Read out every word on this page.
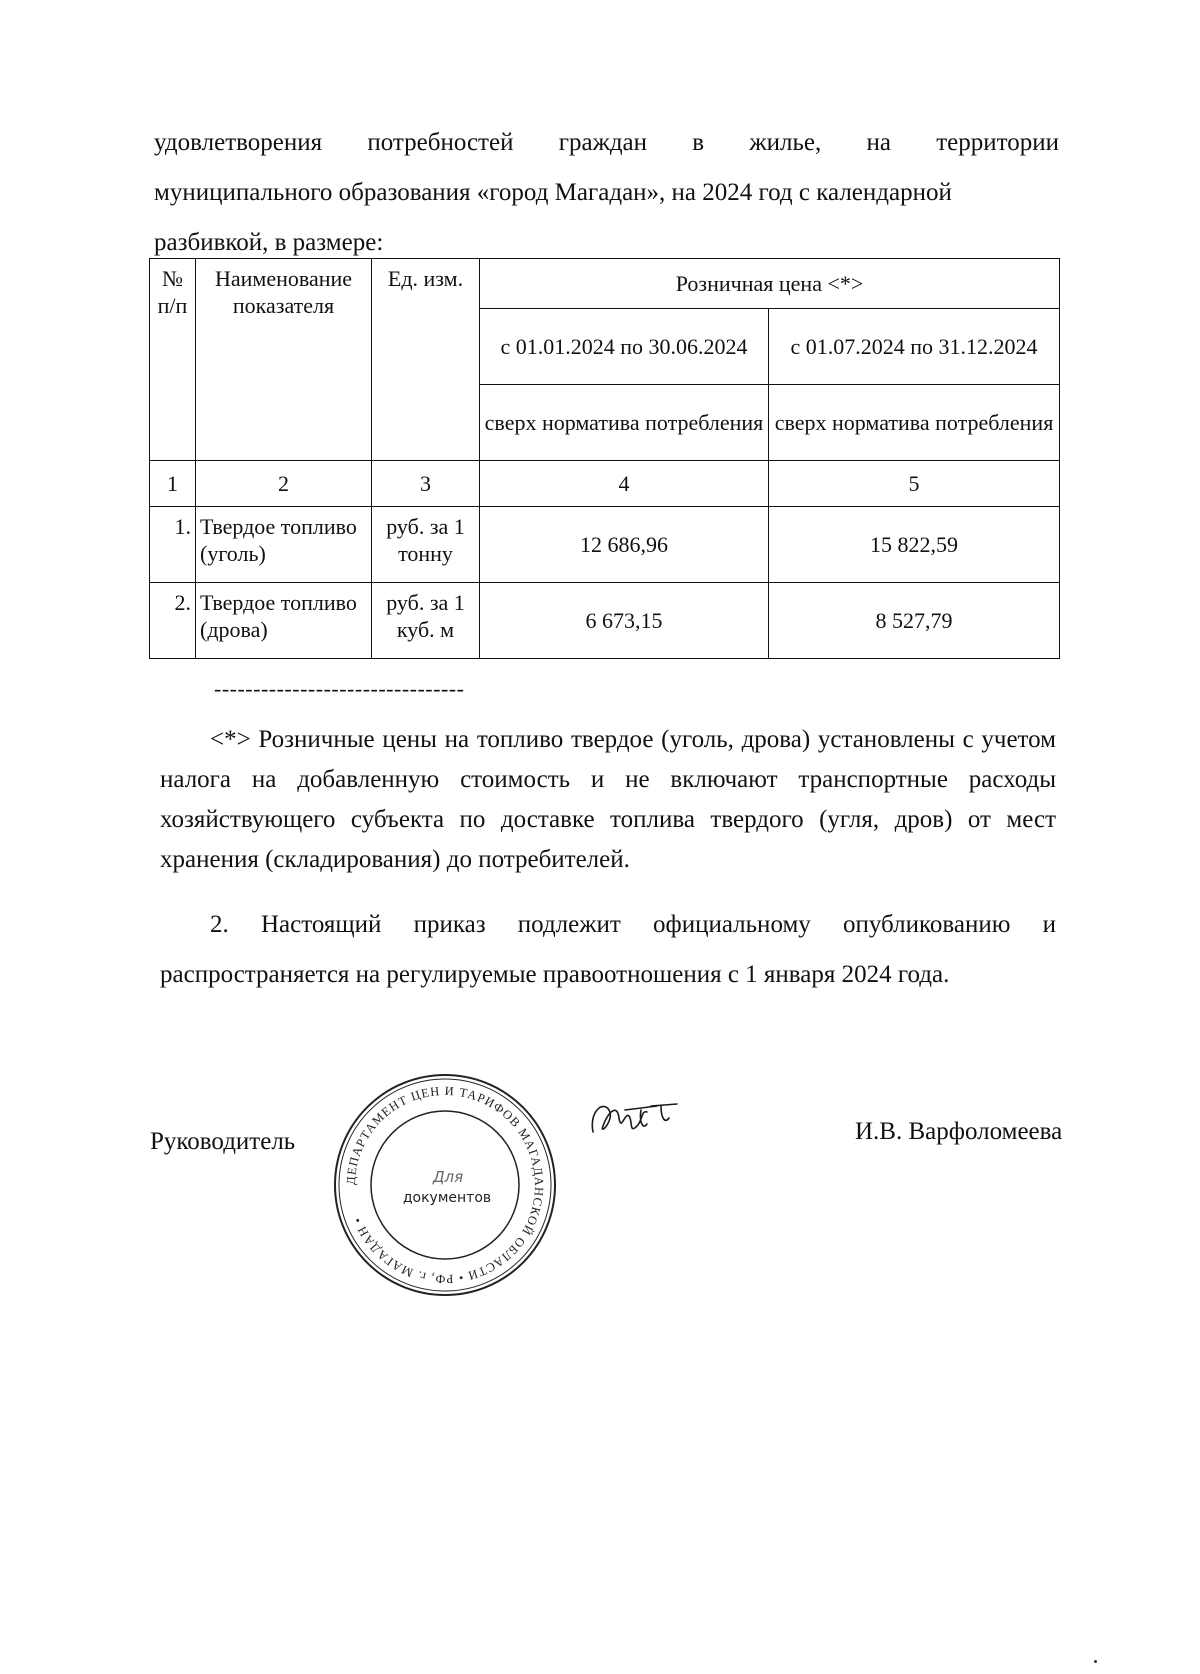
удовлетворения потребностей граждан в жилье, на территории
муниципального образования «город Магадан», на 2024 год с календарной
разбивкой, в размере:
№ п/п	Наименование показателя	Ед. изм.	Розничная цена <*>	
			с 01.01.2024 по 30.06.2024	с 01.07.2024 по 31.12.2024
			сверх норматива потребления	сверх норматива потребления
1	2	3	4	5
1.	Твердое топливо (уголь)	руб. за 1 тонну	12 686,96	15 822,59
2.	Твердое топливо (дрова)	руб. за 1 куб. м	6 673,15	8 527,79
--------------------------------
<*> Розничные цены на топливо твердое (уголь, дрова) установлены с учетом налога на добавленную стоимость и не включают транспортные расходы хозяйствующего субъекта по доставке топлива твердого (угля, дров) от мест хранения (складирования) до потребителей.
2. Настоящий приказ подлежит официальному опубликованию и распространяется на регулируемые правоотношения с 1 января 2024 года.
Руководитель
ДЕПАРТАМЕНТ ЦЕН И ТАРИФОВ МАГАДАНСКОЙ ОБЛАСТИ • РФ, г. МАГАДАН •
Для
документов
И.В. Варфоломеева
